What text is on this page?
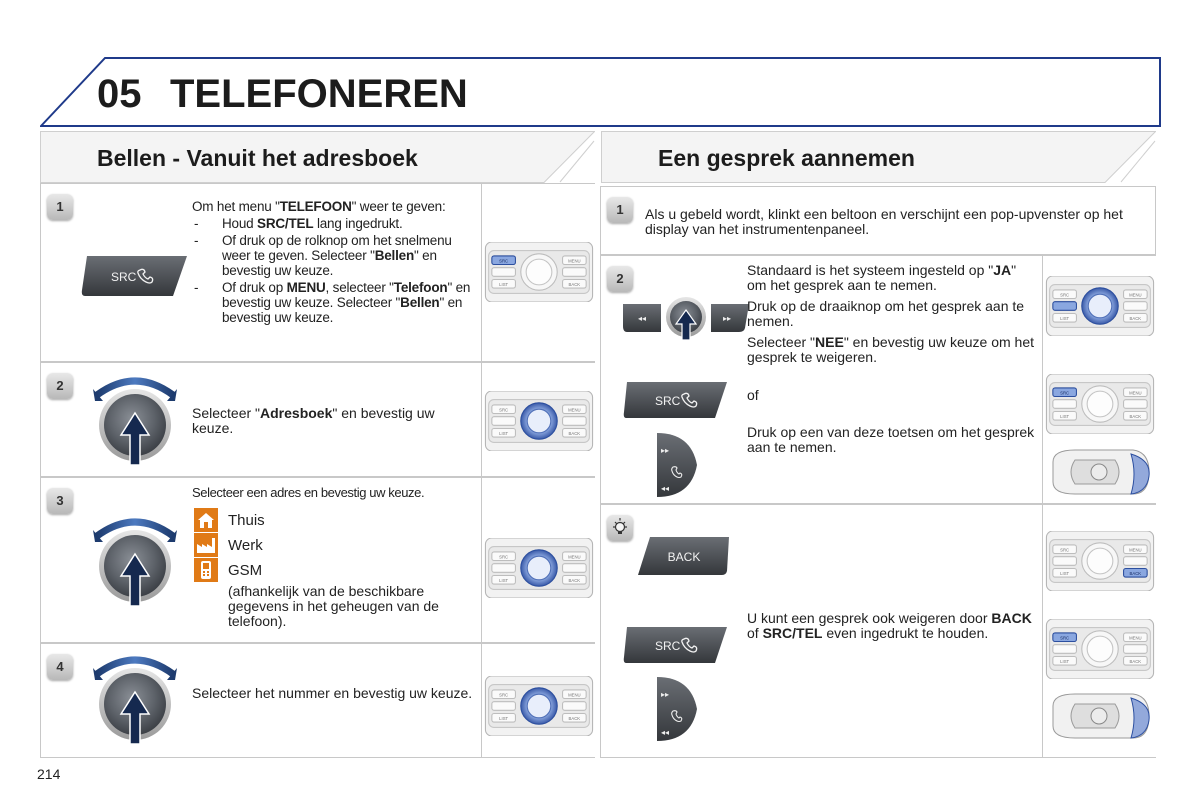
05 TELEFONEREN
Bellen - Vanuit het adresboek	Een gesprek aannemen
1
SRC
Om het menu "TELEFOON" weer te geven:
- Houd SRC/TEL lang ingedrukt.
- Of druk op de rolknop om het snelmenu weer te geven. Selecteer "Bellen" en bevestig uw keuze.
- Of druk op MENU, selecteer "Telefoon" en bevestig uw keuze. Selecteer "Bellen" en bevestig uw keuze.
SRC
2
Selecteer "Adresboek" en bevestig uw keuze.
3
Selecteer een adres en bevestig uw keuze.
Thuis
Werk
GSM
(afhankelijk van de beschikbare gegevens in het geheugen van de telefoon).
4
Selecteer het nummer en bevestig uw keuze.
1	Als u gebeld wordt, klinkt een beltoon en verschijnt een pop-upvenster op het display van het instrumentenpaneel.
2
◂◂	▸▸
SRC
▸▸
◂◂
Standaard is het systeem ingesteld op "JA" om het gesprek aan te nemen.
Druk op de draaiknop om het gesprek aan te nemen.
Selecteer "NEE" en bevestig uw keuze om het gesprek te weigeren.
of
Druk op een van deze toetsen om het gesprek aan te nemen.
SRC
BACK
SRC
▸▸
◂◂
U kunt een gesprek ook weigeren door BACK of SRC/TEL even ingedrukt te houden.
BACK
SRC
214
